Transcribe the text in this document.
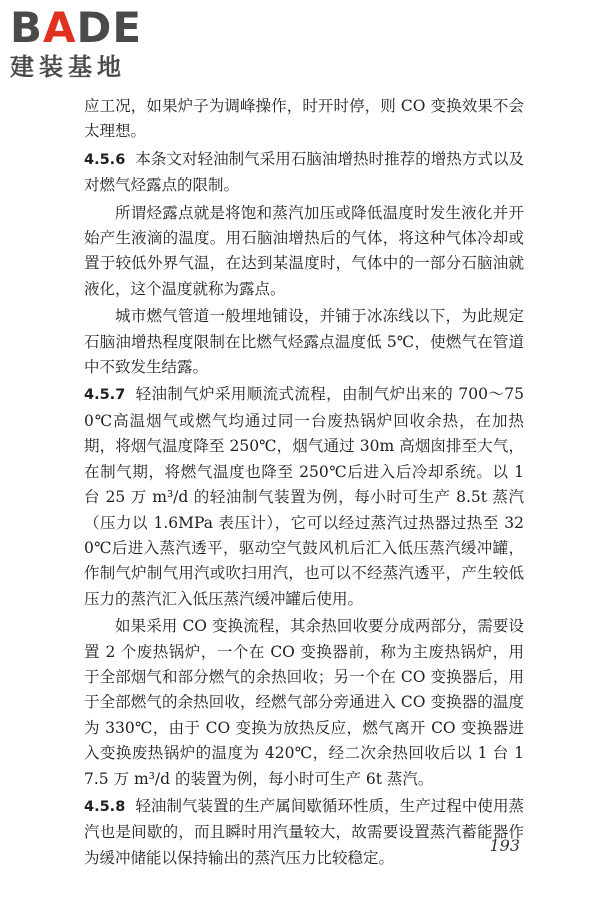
B A DE
建装基地

应工况，如果炉子为调峰操作，时开时停，则 CO 变换效果不会太理想。

4.5.6 本条文对轻油制气采用石脑油增热时推荐的增热方式以及对燃气烃露点的限制。

所谓烃露点就是将饱和蒸汽加压或降低温度时发生液化并开始产生液滴的温度。用石脑油增热后的气体，将这种气体冷却或置于较低外界气温，在达到某温度时，气体中的一部分石脑油就液化，这个温度就称为露点。

城市燃气管道一般埋地铺设，并铺于冰冻线以下，为此规定石脑油增热程度限制在比燃气烃露点温度低 5℃，使燃气在管道中不致发生结露。

4.5.7 轻油制气炉采用顺流式流程，由制气炉出来的 700～750℃高温烟气或燃气均通过同一台废热锅炉回收余热，在加热期，将烟气温度降至 250℃，烟气通过 30m 高烟囱排至大气，在制气期，将燃气温度也降至 250℃后进入后冷却系统。以 1 台 25 万 m³/d 的轻油制气装置为例，每小时可生产 8.5t 蒸汽（压力以 1.6MPa 表压计），它可以经过蒸汽过热器过热至 320℃后进入蒸汽透平，驱动空气鼓风机后汇入低压蒸汽缓冲罐，作制气炉制气用汽或吹扫用汽，也可以不经蒸汽透平，产生较低压力的蒸汽汇入低压蒸汽缓冲罐后使用。

如果采用 CO 变换流程，其余热回收要分成两部分，需要设置 2 个废热锅炉，一个在 CO 变换器前，称为主废热锅炉，用于全部烟气和部分燃气的余热回收；另一个在 CO 变换器后，用于全部燃气的余热回收，经燃气部分旁通进入 CO 变换器的温度为 330℃，由于 CO 变换为放热反应，燃气离开 CO 变换器进入变换废热锅炉的温度为 420℃，经二次余热回收后以 1 台 17.5 万 m³/d 的装置为例，每小时可生产 6t 蒸汽。

4.5.8 轻油制气装置的生产属间歇循环性质，生产过程中使用蒸汽也是间歇的，而且瞬时用汽量较大，故需要设置蒸汽蓄能器作为缓冲储能以保持输出的蒸汽压力比较稳定。

193
